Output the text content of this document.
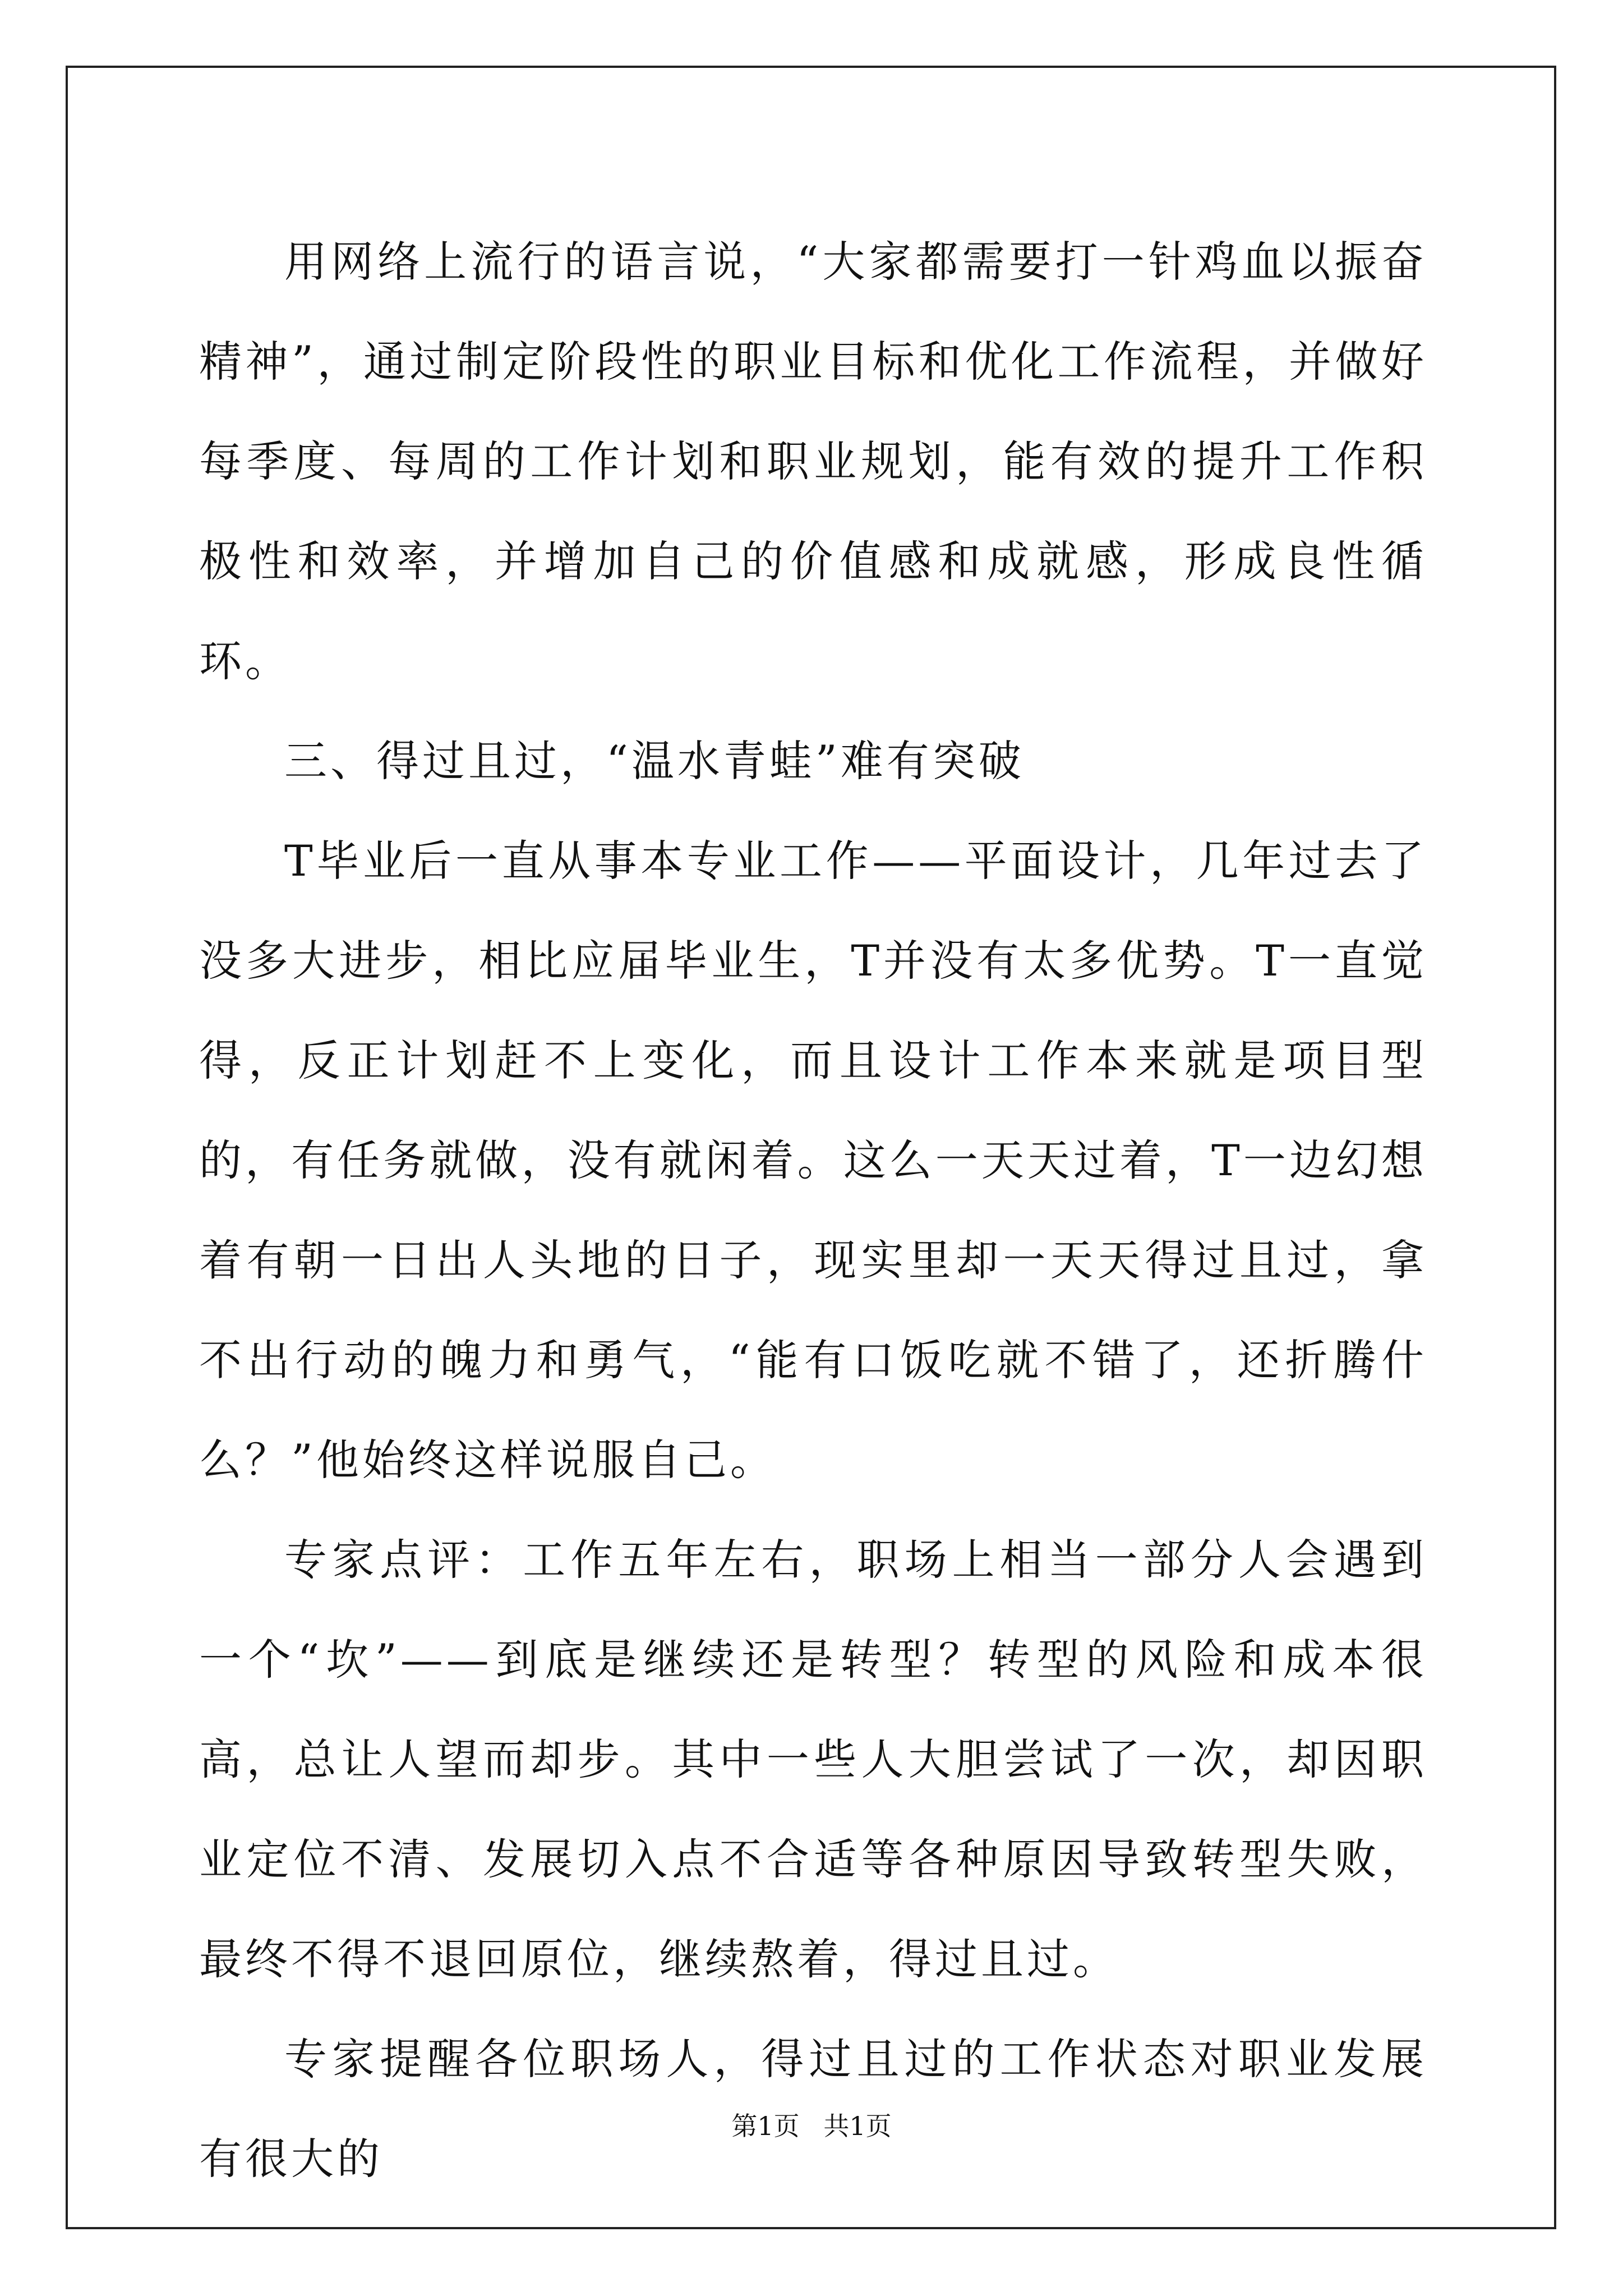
用网络上流行的语言说，“大家都需要打一针鸡血以振奋精神”，通过制定阶段性的职业目标和优化工作流程，并做好每季度、每周的工作计划和职业规划，能有效的提升工作积极性和效率，并增加自己的价值感和成就感，形成良性循环。

三、得过且过，“温水青蛙”难有突破

T毕业后一直从事本专业工作——平面设计，几年过去了没多大进步，相比应届毕业生，T并没有太多优势。T一直觉得，反正计划赶不上变化，而且设计工作本来就是项目型的，有任务就做，没有就闲着。这么一天天过着，T一边幻想着有朝一日出人头地的日子，现实里却一天天得过且过，拿不出行动的魄力和勇气，“能有口饭吃就不错了，还折腾什么？”他始终这样说服自己。

专家点评：工作五年左右，职场上相当一部分人会遇到一个“坎”——到底是继续还是转型？转型的风险和成本很高，总让人望而却步。其中一些人大胆尝试了一次，却因职业定位不清、发展切入点不合适等各种原因导致转型失败，最终不得不退回原位，继续熬着，得过且过。

专家提醒各位职场人，得过且过的工作状态对职业发展有很大的

第1页 共1页
